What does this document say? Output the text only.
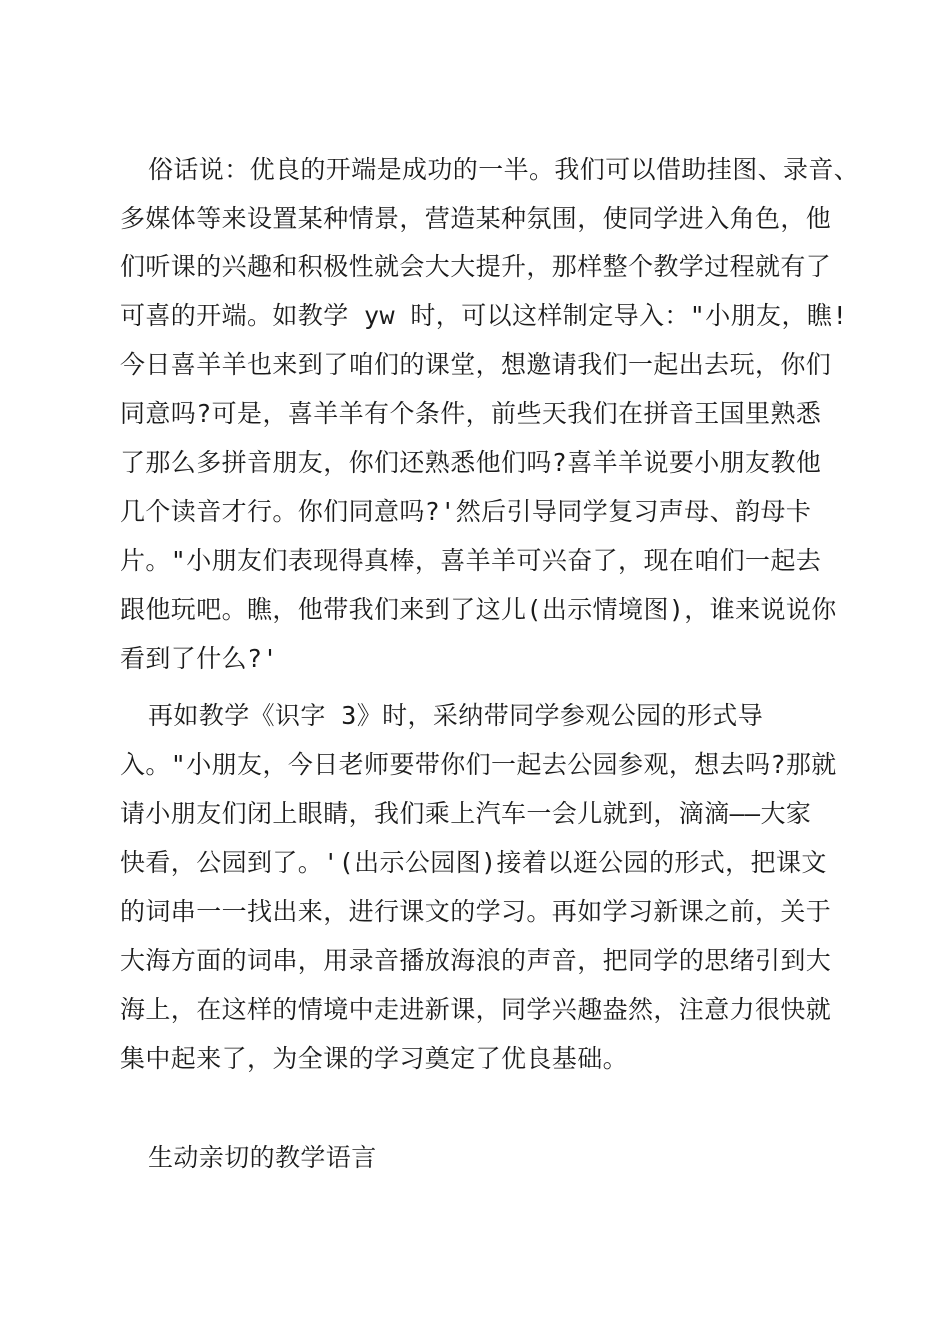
俗话说：优良的开端是成功的一半。我们可以借助挂图、录音、
多媒体等来设置某种情景，营造某种氛围，使同学进入角色，他
们听课的兴趣和积极性就会大大提升，那样整个教学过程就有了
可喜的开端。如教学 yw 时，可以这样制定导入："小朋友，瞧!
今日喜羊羊也来到了咱们的课堂，想邀请我们一起出去玩，你们
同意吗?可是，喜羊羊有个条件，前些天我们在拼音王国里熟悉
了那么多拼音朋友，你们还熟悉他们吗?喜羊羊说要小朋友教他
几个读音才行。你们同意吗?'然后引导同学复习声母、韵母卡
片。"小朋友们表现得真棒，喜羊羊可兴奋了，现在咱们一起去
跟他玩吧。瞧，他带我们来到了这儿(出示情境图)，谁来说说你
看到了什么?'
再如教学《识字 3》时，采纳带同学参观公园的形式导
入。"小朋友，今日老师要带你们一起去公园参观，想去吗?那就
请小朋友们闭上眼睛，我们乘上汽车一会儿就到，滴滴——大家
快看，公园到了。'(出示公园图)接着以逛公园的形式，把课文
的词串一一找出来，进行课文的学习。再如学习新课之前，关于
大海方面的词串，用录音播放海浪的声音，把同学的思绪引到大
海上，在这样的情境中走进新课，同学兴趣盎然，注意力很快就
集中起来了，为全课的学习奠定了优良基础。
生动亲切的教学语言
